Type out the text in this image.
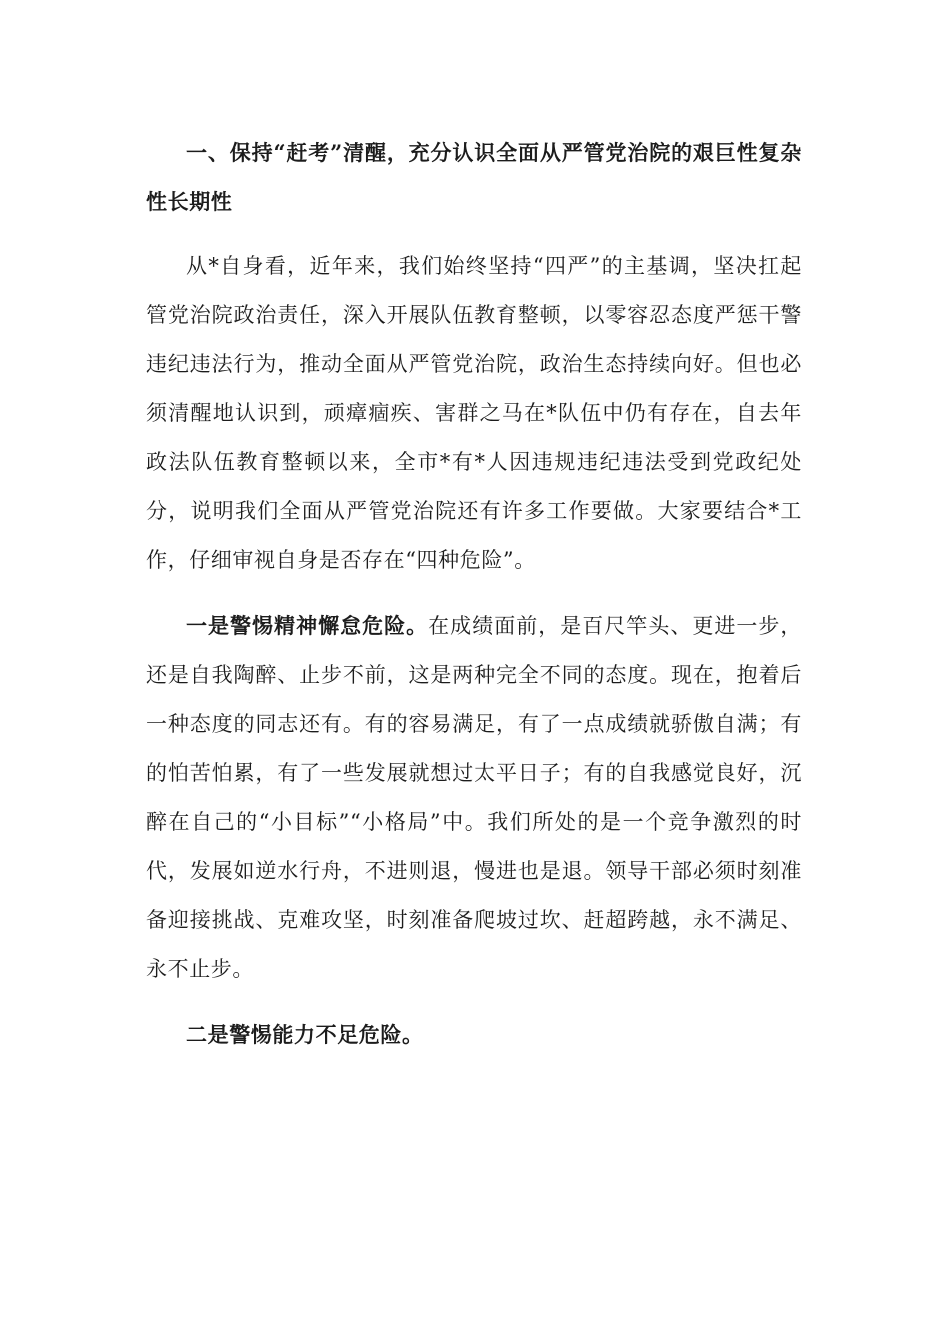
一、保持“赶考”清醒，充分认识全面从严管党治院的艰巨性复杂性长期性

从*自身看，近年来，我们始终坚持“四严”的主基调，坚决扛起管党治院政治责任，深入开展队伍教育整顿，以零容忍态度严惩干警违纪违法行为，推动全面从严管党治院，政治生态持续向好。但也必须清醒地认识到，顽瘴痼疾、害群之马在*队伍中仍有存在，自去年政法队伍教育整顿以来，全市*有*人因违规违纪违法受到党政纪处分，说明我们全面从严管党治院还有许多工作要做。大家要结合*工作，仔细审视自身是否存在“四种危险”。

一是警惕精神懈怠危险。在成绩面前，是百尺竿头、更进一步，还是自我陶醉、止步不前，这是两种完全不同的态度。现在，抱着后一种态度的同志还有。有的容易满足，有了一点成绩就骄傲自满；有的怕苦怕累，有了一些发展就想过太平日子；有的自我感觉良好，沉醉在自己的“小目标”“小格局”中。我们所处的是一个竞争激烈的时代，发展如逆水行舟，不进则退，慢进也是退。领导干部必须时刻准备迎接挑战、克难攻坚，时刻准备爬坡过坎、赶超跨越，永不满足、永不止步。

二是警惕能力不足危险。
